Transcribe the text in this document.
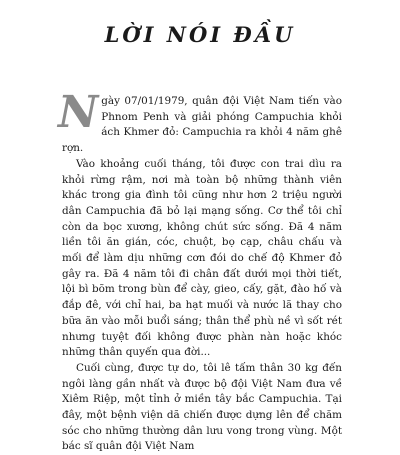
LỜI NÓI ĐẦU

Ngày 07/01/1979, quân đội Việt Nam tiến vào Phnom Penh và giải phóng Campuchia khỏi ách Khmer đỏ: Campuchia ra khỏi 4 năm ghê rợn.

Vào khoảng cuối tháng, tôi được con trai dìu ra khỏi rừng rậm, nơi mà toàn bộ những thành viên khác trong gia đình tôi cũng như hơn 2 triệu người dân Campuchia đã bỏ lại mạng sống. Cơ thể tôi chỉ còn da bọc xương, không chút sức sống. Đã 4 năm liền tôi ăn gián, cóc, chuột, bọ cạp, châu chấu và mối để làm dịu những cơn đói do chế độ Khmer đỏ gây ra. Đã 4 năm tôi đi chân đất dưới mọi thời tiết, lội bì bõm trong bùn để cày, gieo, cấy, gặt, đào hố và đắp đê, với chỉ hai, ba hạt muối và nước lã thay cho bữa ăn vào mỗi buổi sáng; thân thể phù nề vì sốt rét nhưng tuyệt đối không được phàn nàn hoặc khóc những thân quyến qua đời...

Cuối cùng, được tự do, tôi lê tấm thân 30 kg đến ngôi làng gần nhất và được bộ đội Việt Nam đưa về Xiêm Riệp, một tỉnh ở miền tây bắc Campuchia. Tại đây, một bệnh viện dã chiến được dựng lên để chăm sóc cho những thường dân lưu vong trong vùng. Một bác sĩ quân đội Việt Nam
